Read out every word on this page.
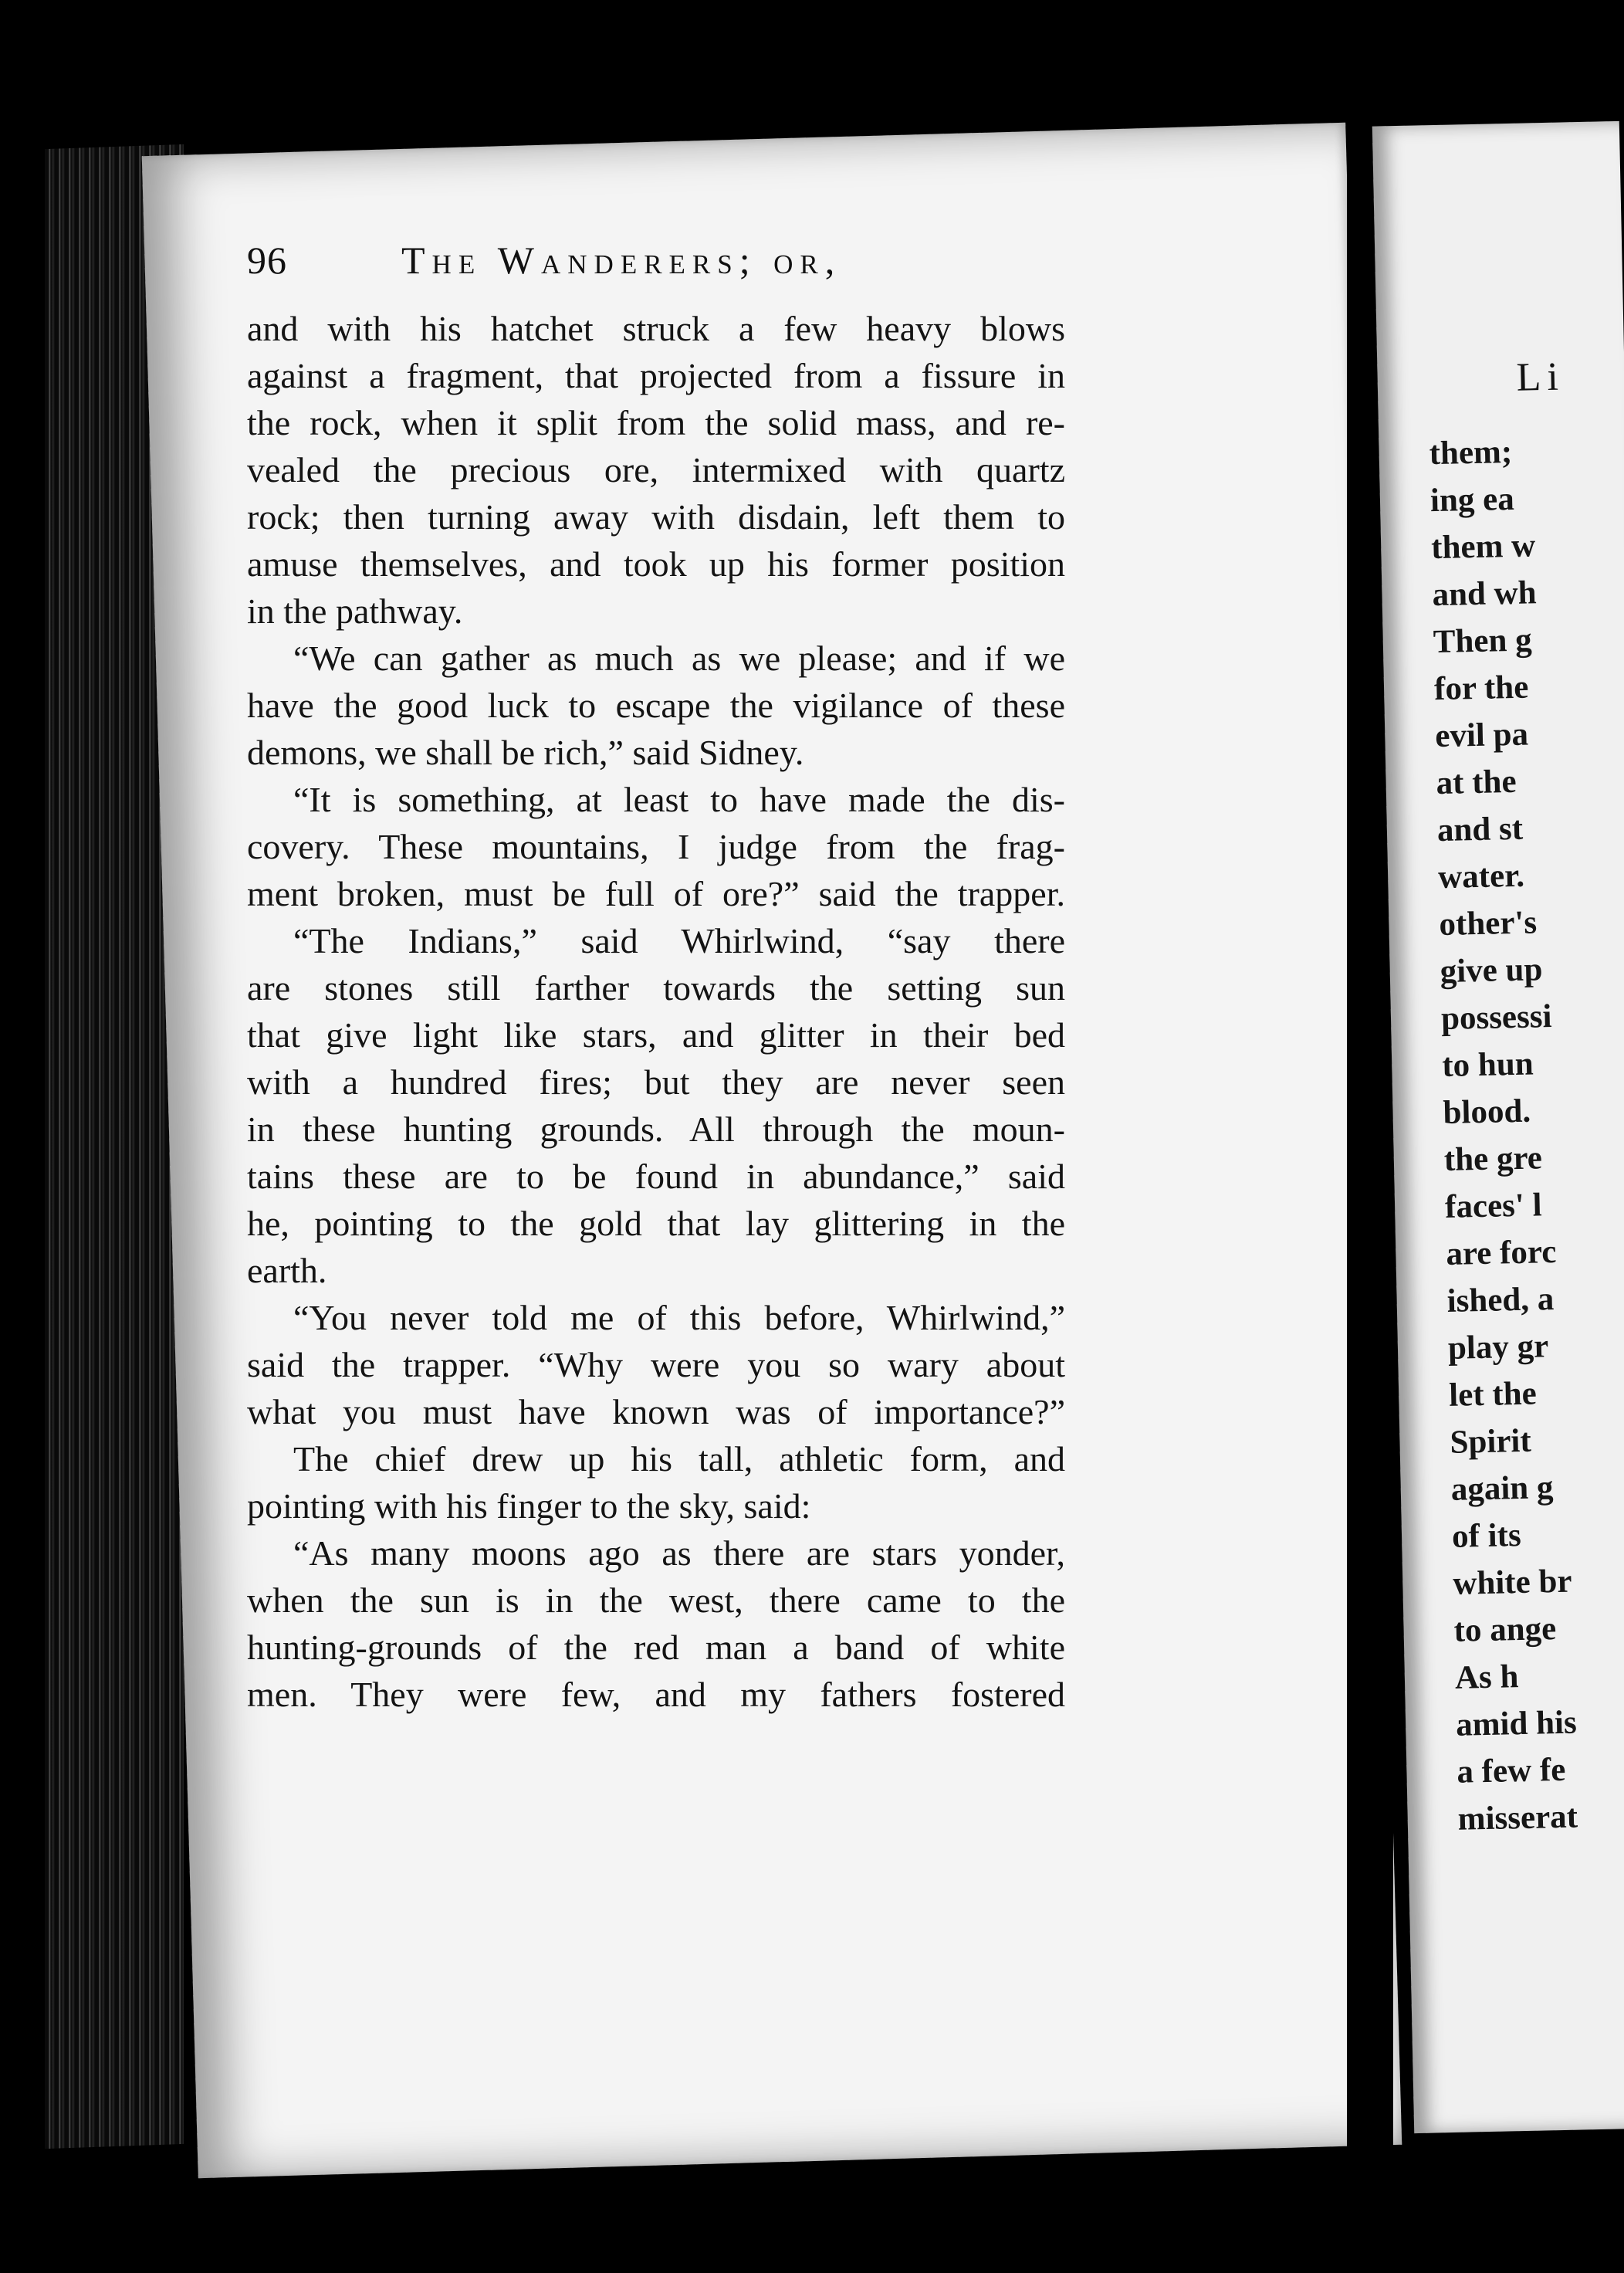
Li
them;
ing ea
them w
and wh
Then g
for the
evil pa
at the
and st
water.
other's
give up
possessi
to hun
blood.
the gre
faces' l
are forc
ished, a
play gr
let the
Spirit
again g
of its
white br
to ange
As h
amid his
a few fe
misserat
96	The Wanderers; or,
and with his hatchet struck a few heavy blows
against a fragment, that projected from a fissure in
the rock, when it split from the solid mass, and re-
vealed the precious ore, intermixed with quartz
rock; then turning away with disdain, left them to
amuse themselves, and took up his former position
in the pathway.
“We can gather as much as we please; and if we
have the good luck to escape the vigilance of these
demons, we shall be rich,” said Sidney.
“It is something, at least to have made the dis-
covery. These mountains, I judge from the frag-
ment broken, must be full of ore?” said the trapper.
“The Indians,” said Whirlwind, “say there
are stones still farther towards the setting sun
that give light like stars, and glitter in their bed
with a hundred fires; but they are never seen
in these hunting grounds. All through the moun-
tains these are to be found in abundance,” said
he, pointing to the gold that lay glittering in the
earth.
“You never told me of this before, Whirlwind,”
said the trapper. “Why were you so wary about
what you must have known was of importance?”
The chief drew up his tall, athletic form, and
pointing with his finger to the sky, said:
“As many moons ago as there are stars yonder,
when the sun is in the west, there came to the
hunting-grounds of the red man a band of white
men. They were few, and my fathers fostered
